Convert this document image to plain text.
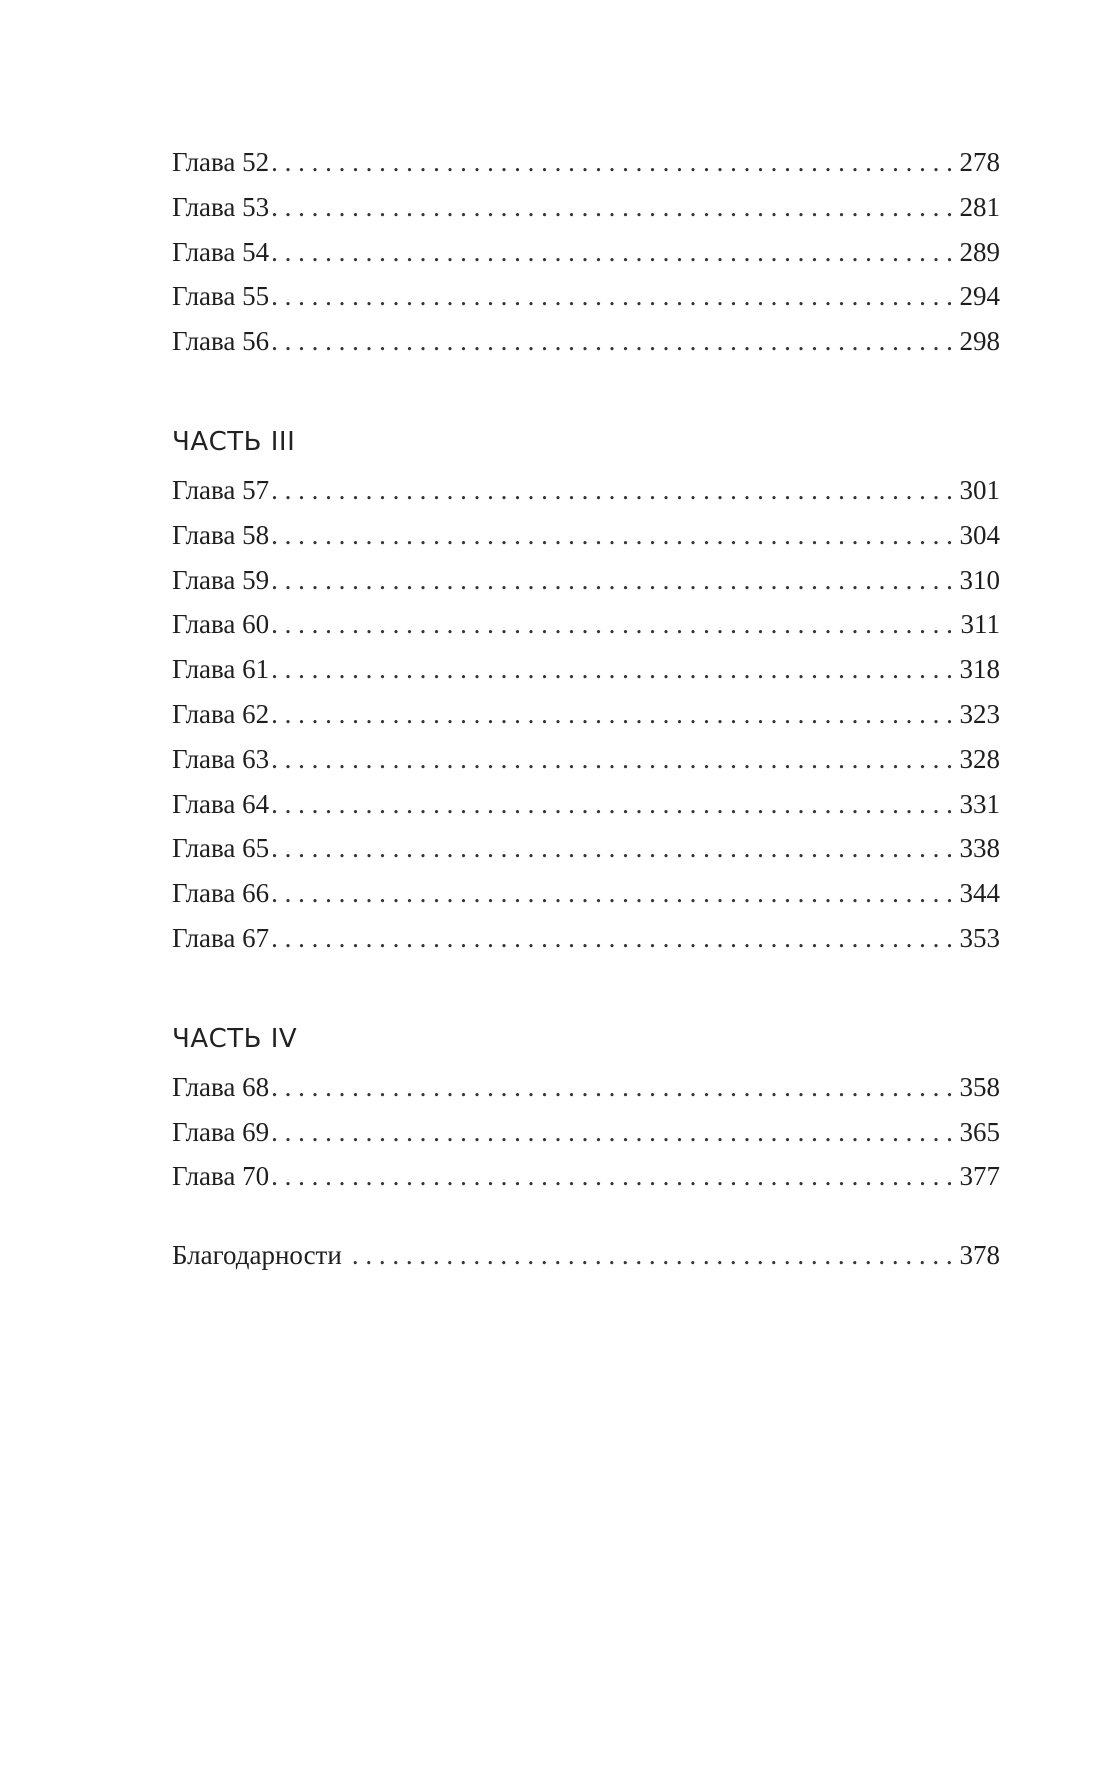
Глава 52 . . .	278
Глава 53 . . .	281
Глава 54 . . .	289
Глава 55 . . .	294
Глава 56 . . .	298
ЧАСТЬ III
Глава 57 . . .	301
Глава 58 . . .	304
Глава 59 . . .	310
Глава 60 . . .	311
Глава 61 . . .	318
Глава 62 . . .	323
Глава 63 . . .	328
Глава 64 . . .	331
Глава 65 . . .	338
Глава 66 . . .	344
Глава 67 . . .	353
ЧАСТЬ IV
Глава 68 . . .	358
Глава 69 . . .	365
Глава 70 . . .	377
Благодарности . . .	378
